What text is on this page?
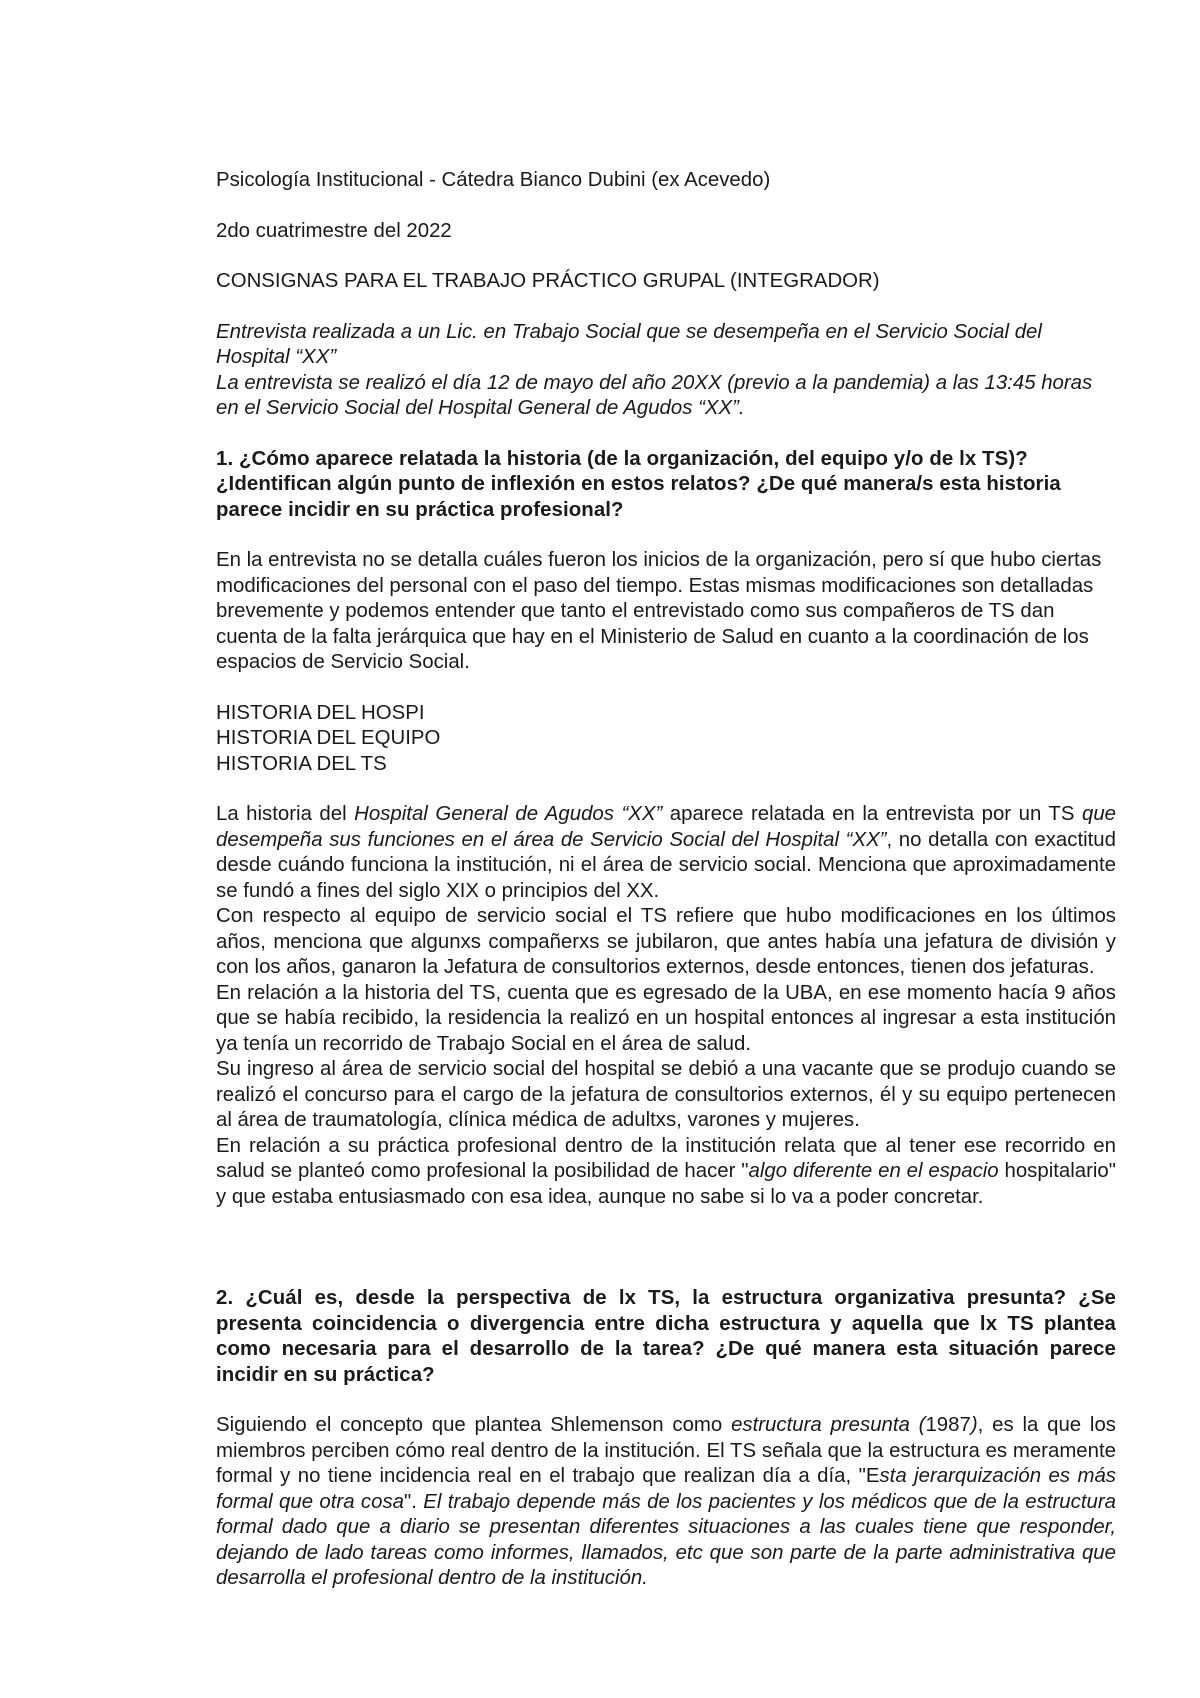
Psicología Institucional - Cátedra Bianco Dubini (ex Acevedo)

2do cuatrimestre del 2022

CONSIGNAS PARA EL TRABAJO PRÁCTICO GRUPAL (INTEGRADOR)

Entrevista realizada a un Lic. en Trabajo Social que se desempeña en el Servicio Social del Hospital “XX”

La entrevista se realizó el día 12 de mayo del año 20XX (previo a la pandemia) a las 13:45 horas en el Servicio Social del Hospital General de Agudos “XX”.

1. ¿Cómo aparece relatada la historia (de la organización, del equipo y/o de lx TS)? ¿Identifican algún punto de inflexión en estos relatos? ¿De qué manera/s esta historia parece incidir en su práctica profesional?

En la entrevista no se detalla cuáles fueron los inicios de la organización, pero sí que hubo ciertas modificaciones del personal con el paso del tiempo. Estas mismas modificaciones son detalladas brevemente y podemos entender que tanto el entrevistado como sus compañeros de TS dan cuenta de la falta jerárquica que hay en el Ministerio de Salud en cuanto a la coordinación de los espacios de Servicio Social.

HISTORIA DEL HOSPI

HISTORIA DEL EQUIPO

HISTORIA DEL TS

La historia del Hospital General de Agudos “XX” aparece relatada en la entrevista por un TS que desempeña sus funciones en el área de Servicio Social del Hospital “XX”, no detalla con exactitud desde cuándo funciona la institución, ni el área de servicio social. Menciona que aproximadamente se fundó a fines del siglo XIX o principios del XX.

Con respecto al equipo de servicio social el TS refiere que hubo modificaciones en los últimos años, menciona que algunxs compañerxs se jubilaron, que antes había una jefatura de división y con los años, ganaron la Jefatura de consultorios externos, desde entonces, tienen dos jefaturas.

En relación a la historia del TS, cuenta que es egresado de la UBA, en ese momento hacía 9 años que se había recibido, la residencia la realizó en un hospital entonces al ingresar a esta institución ya tenía un recorrido de Trabajo Social en el área de salud.

Su ingreso al área de servicio social del hospital se debió a una vacante que se produjo cuando se realizó el concurso para el cargo de la jefatura de consultorios externos, él y su equipo pertenecen al área de traumatología, clínica médica de adultxs, varones y mujeres.

En relación a su práctica profesional dentro de la institución relata que al tener ese recorrido en salud se planteó como profesional la posibilidad de hacer "algo diferente en el espacio hospitalario" y que estaba entusiasmado con esa idea, aunque no sabe si lo va a poder concretar.

2. ¿Cuál es, desde la perspectiva de lx TS, la estructura organizativa presunta? ¿Se presenta coincidencia o divergencia entre dicha estructura y aquella que lx TS plantea como necesaria para el desarrollo de la tarea? ¿De qué manera esta situación parece incidir en su práctica?

Siguiendo el concepto que plantea Shlemenson como estructura presunta (1987), es la que los miembros perciben cómo real dentro de la institución. El TS señala que la estructura es meramente formal y no tiene incidencia real en el trabajo que realizan día a día, "Esta jerarquización es más formal que otra cosa". El trabajo depende más de los pacientes y los médicos que de la estructura formal dado que a diario se presentan diferentes situaciones a las cuales tiene que responder, dejando de lado tareas como informes, llamados, etc que son parte de la parte administrativa que desarrolla el profesional dentro de la institución.
